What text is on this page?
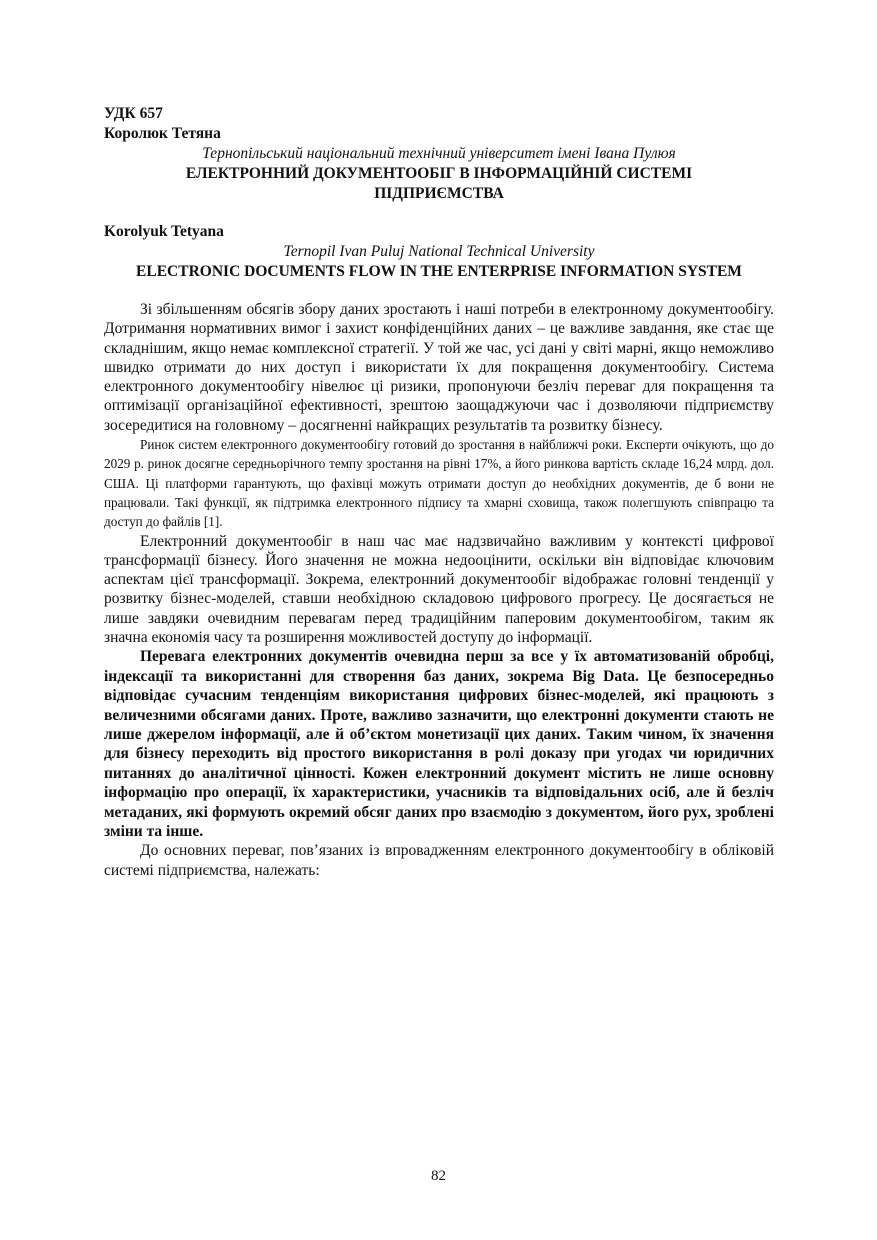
УДК 657

Королюк Тетяна

Тернопільський національний технічний університет імені Івана Пулюя

ЕЛЕКТРОННИЙ ДОКУМЕНТООБІГ В ІНФОРМАЦІЙНІЙ СИСТЕМІ ПІДПРИЄМСТВА

Korolyuk Tetyana

Ternopil Ivan Puluj National Technical University

ELECTRONIC DOCUMENTS FLOW IN THE ENTERPRISE INFORMATION SYSTEM

Зі збільшенням обсягів збору даних зростають і наші потреби в електронному документообігу. Дотримання нормативних вимог і захист конфіденційних даних – це важливе завдання, яке стає ще складнішим, якщо немає комплексної стратегії. У той же час, усі дані у світі марні, якщо неможливо швидко отримати до них доступ і використати їх для покращення документообігу. Система електронного документообігу нівелює ці ризики, пропонуючи безліч переваг для покращення та оптимізації організаційної ефективності, зрештою заощаджуючи час і дозволяючи підприємству зосередитися на головному – досягненні найкращих результатів та розвитку бізнесу.

Ринок систем електронного документообігу готовий до зростання в найближчі роки. Експерти очікують, що до 2029 р. ринок досягне середньорічного темпу зростання на рівні 17%, а його ринкова вартість складе 16,24 млрд. дол. США. Ці платформи гарантують, що фахівці можуть отримати доступ до необхідних документів, де б вони не працювали. Такі функції, як підтримка електронного підпису та хмарні сховища, також полегшують співпрацю та доступ до файлів [1].

Електронний документообіг в наш час має надзвичайно важливим у контексті цифрової трансформації бізнесу. Його значення не можна недооцінити, оскільки він відповідає ключовим аспектам цієї трансформації. Зокрема, електронний документообіг відображає головні тенденції у розвитку бізнес-моделей, ставши необхідною складовою цифрового прогресу. Це досягається не лише завдяки очевидним перевагам перед традиційним паперовим документообігом, таким як значна економія часу та розширення можливостей доступу до інформації.

Перевага електронних документів очевидна перш за все у їх автоматизованій обробці, індексації та використанні для створення баз даних, зокрема Big Data. Це безпосередньо відповідає сучасним тенденціям використання цифрових бізнес-моделей, які працюють з величезними обсягами даних. Проте, важливо зазначити, що електронні документи стають не лише джерелом інформації, але й об’єктом монетизації цих даних. Таким чином, їх значення для бізнесу переходить від простого використання в ролі доказу при угодах чи юридичних питаннях до аналітичної цінності. Кожен електронний документ містить не лише основну інформацію про операції, їх характеристики, учасників та відповідальних осіб, але й безліч метаданих, які формують окремий обсяг даних про взаємодію з документом, його рух, зроблені зміни та інше.

До основних переваг, пов’язаних із впровадженням електронного документообігу в обліковій системі підприємства, належать:

82
